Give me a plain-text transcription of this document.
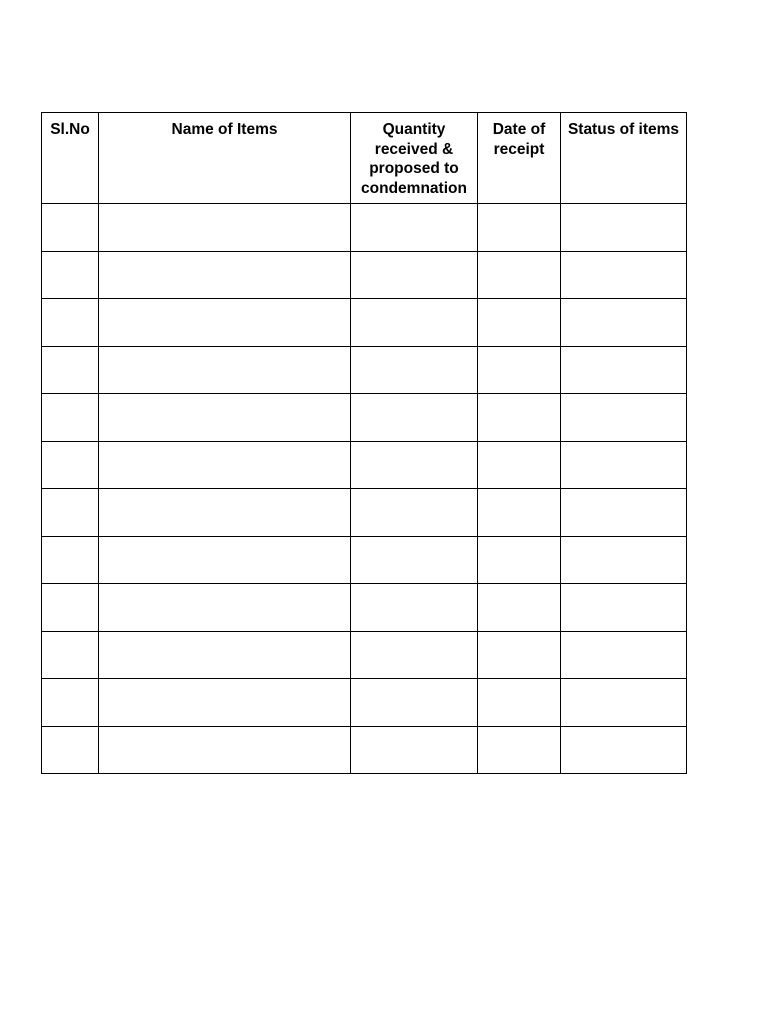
Sl.No	Name of Items	Quantity received & proposed to condemnation	Date of receipt	Status of items
